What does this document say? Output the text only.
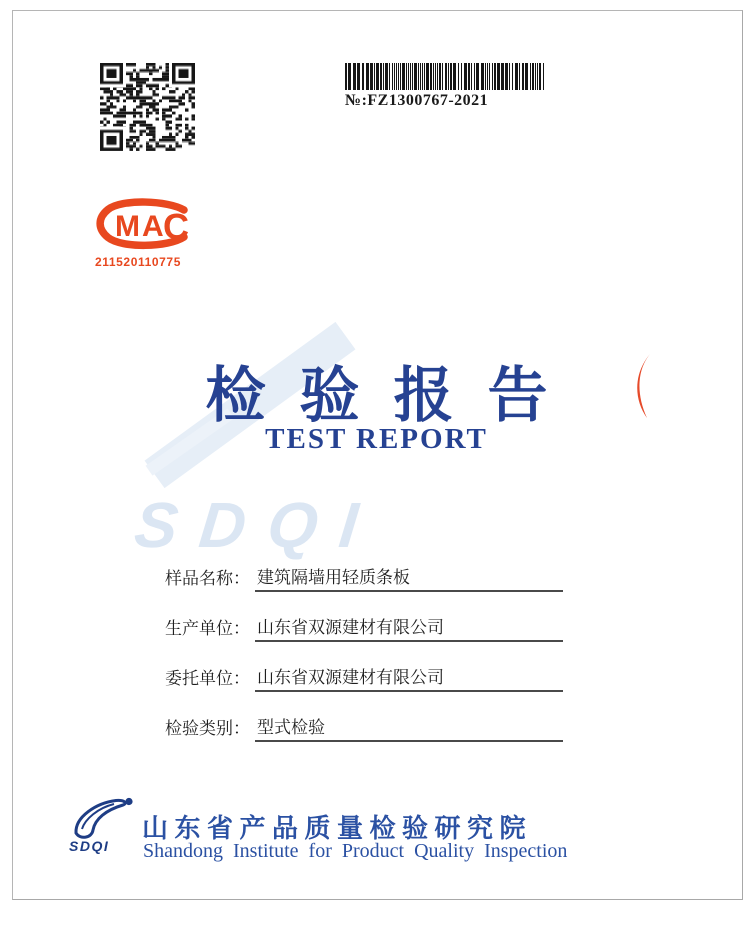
№:FZ1300767-2021
M A C
211520110775
SDQI
检验报告
TEST REPORT
样品名称： 建筑隔墙用轻质条板
生产单位： 山东省双源建材有限公司
委托单位： 山东省双源建材有限公司
检验类别： 型式检验
SDQI
山东省产品质量检验研究院
Shandong Institute for Product Quality Inspection
